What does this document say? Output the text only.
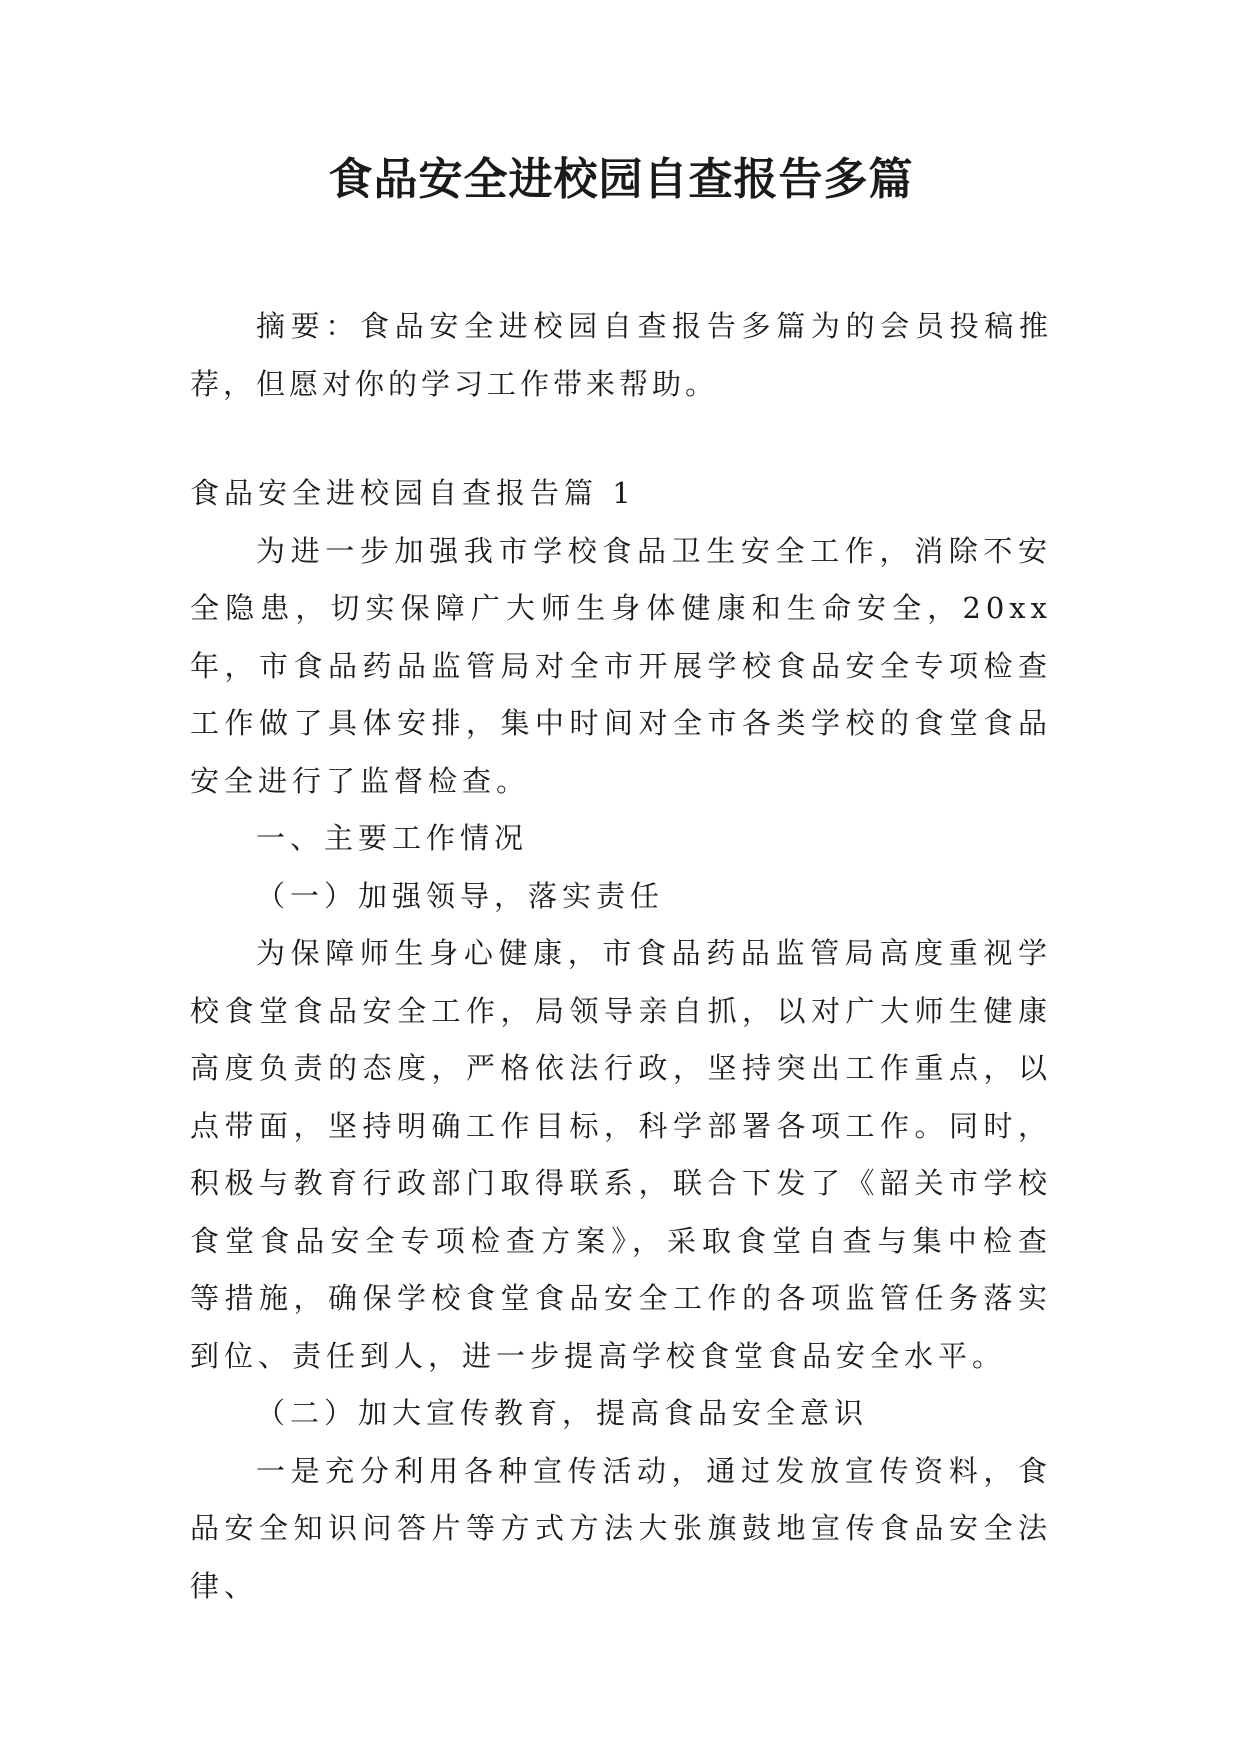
食品安全进校园自查报告多篇

摘要：食品安全进校园自查报告多篇为的会员投稿推荐，但愿对你的学习工作带来帮助。

食品安全进校园自查报告篇 1

为进一步加强我市学校食品卫生安全工作，消除不安全隐患，切实保障广大师生身体健康和生命安全，20xx 年，市食品药品监管局对全市开展学校食品安全专项检查工作做了具体安排，集中时间对全市各类学校的食堂食品安全进行了监督检查。

一、主要工作情况

（一）加强领导，落实责任

为保障师生身心健康，市食品药品监管局高度重视学校食堂食品安全工作，局领导亲自抓，以对广大师生健康高度负责的态度，严格依法行政，坚持突出工作重点，以点带面，坚持明确工作目标，科学部署各项工作。同时，积极与教育行政部门取得联系，联合下发了《韶关市学校食堂食品安全专项检查方案》，采取食堂自查与集中检查等措施，确保学校食堂食品安全工作的各项监管任务落实到位、责任到人，进一步提高学校食堂食品安全水平。

（二）加大宣传教育，提高食品安全意识

一是充分利用各种宣传活动，通过发放宣传资料，食品安全知识问答片等方式方法大张旗鼓地宣传食品安全法律、
